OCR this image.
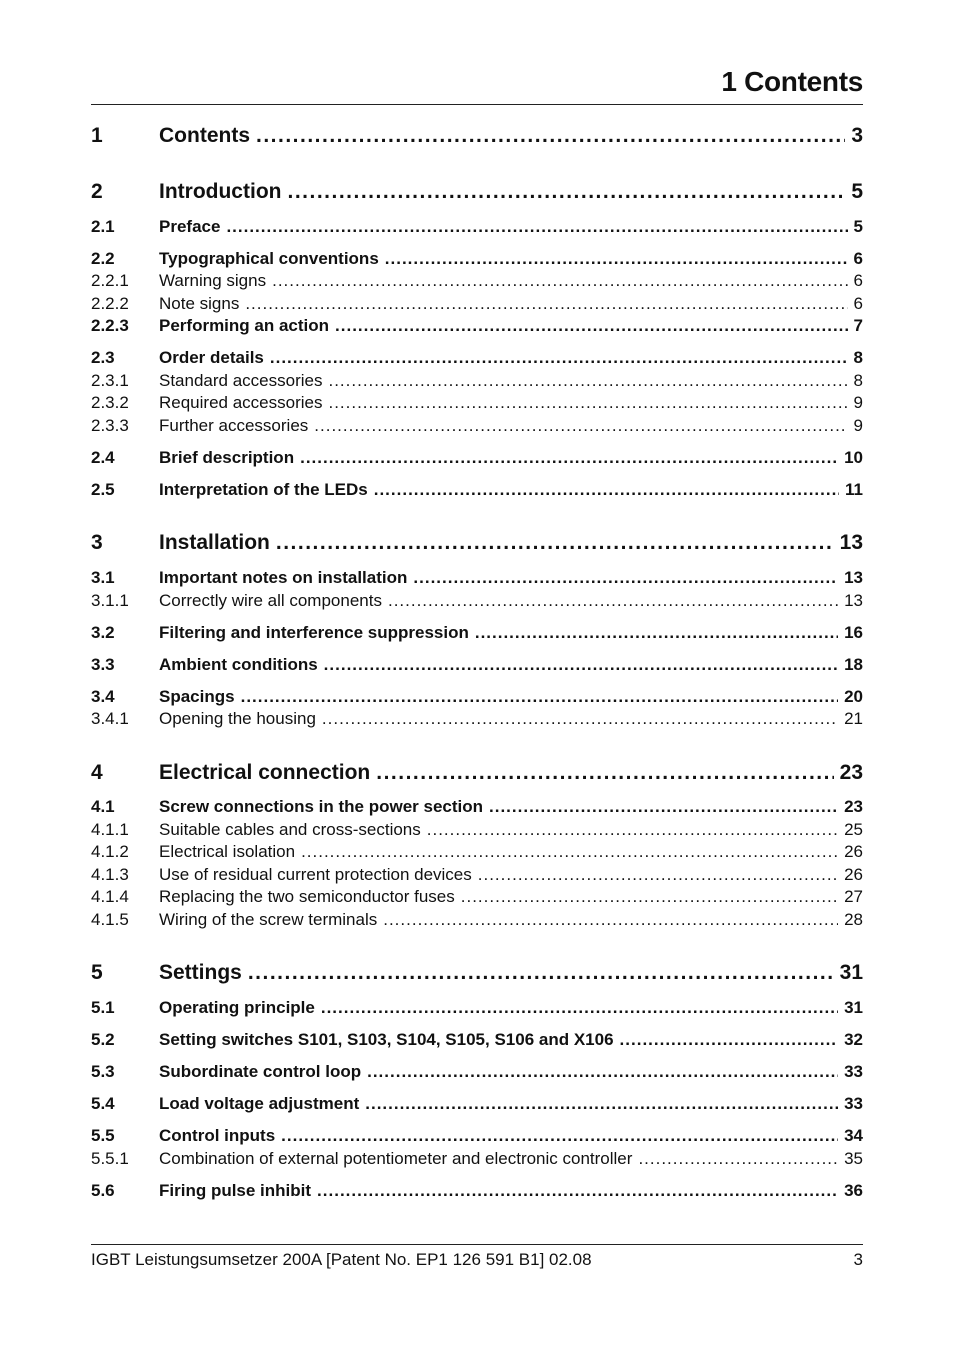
1 Contents
1	Contents .....	3
2	Introduction .....	5
2.1	Preface .....	5
2.2	Typographical conventions .....	6
2.2.1	Warning signs .....	6
2.2.2	Note signs .....	6
2.2.3	Performing an action .....	7
2.3	Order details .....	8
2.3.1	Standard accessories .....	8
2.3.2	Required accessories .....	9
2.3.3	Further accessories .....	9
2.4	Brief description .....	10
2.5	Interpretation of the LEDs .....	11
3	Installation .....	13
3.1	Important notes on installation .....	13
3.1.1	Correctly wire all components .....	13
3.2	Filtering and interference suppression .....	16
3.3	Ambient conditions .....	18
3.4	Spacings .....	20
3.4.1	Opening the housing .....	21
4	Electrical connection .....	23
4.1	Screw connections in the power section .....	23
4.1.1	Suitable cables and cross-sections .....	25
4.1.2	Electrical isolation .....	26
4.1.3	Use of residual current protection devices .....	26
4.1.4	Replacing the two semiconductor fuses .....	27
4.1.5	Wiring of the screw terminals .....	28
5	Settings .....	31
5.1	Operating principle .....	31
5.2	Setting switches S101, S103, S104, S105, S106 and X106 .....	32
5.3	Subordinate control loop .....	33
5.4	Load voltage adjustment .....	33
5.5	Control inputs .....	34
5.5.1	Combination of external potentiometer and electronic controller .....	35
5.6	Firing pulse inhibit .....	36
IGBT Leistungsumsetzer 200A [Patent No. EP1 126 591 B1] 02.08	3
